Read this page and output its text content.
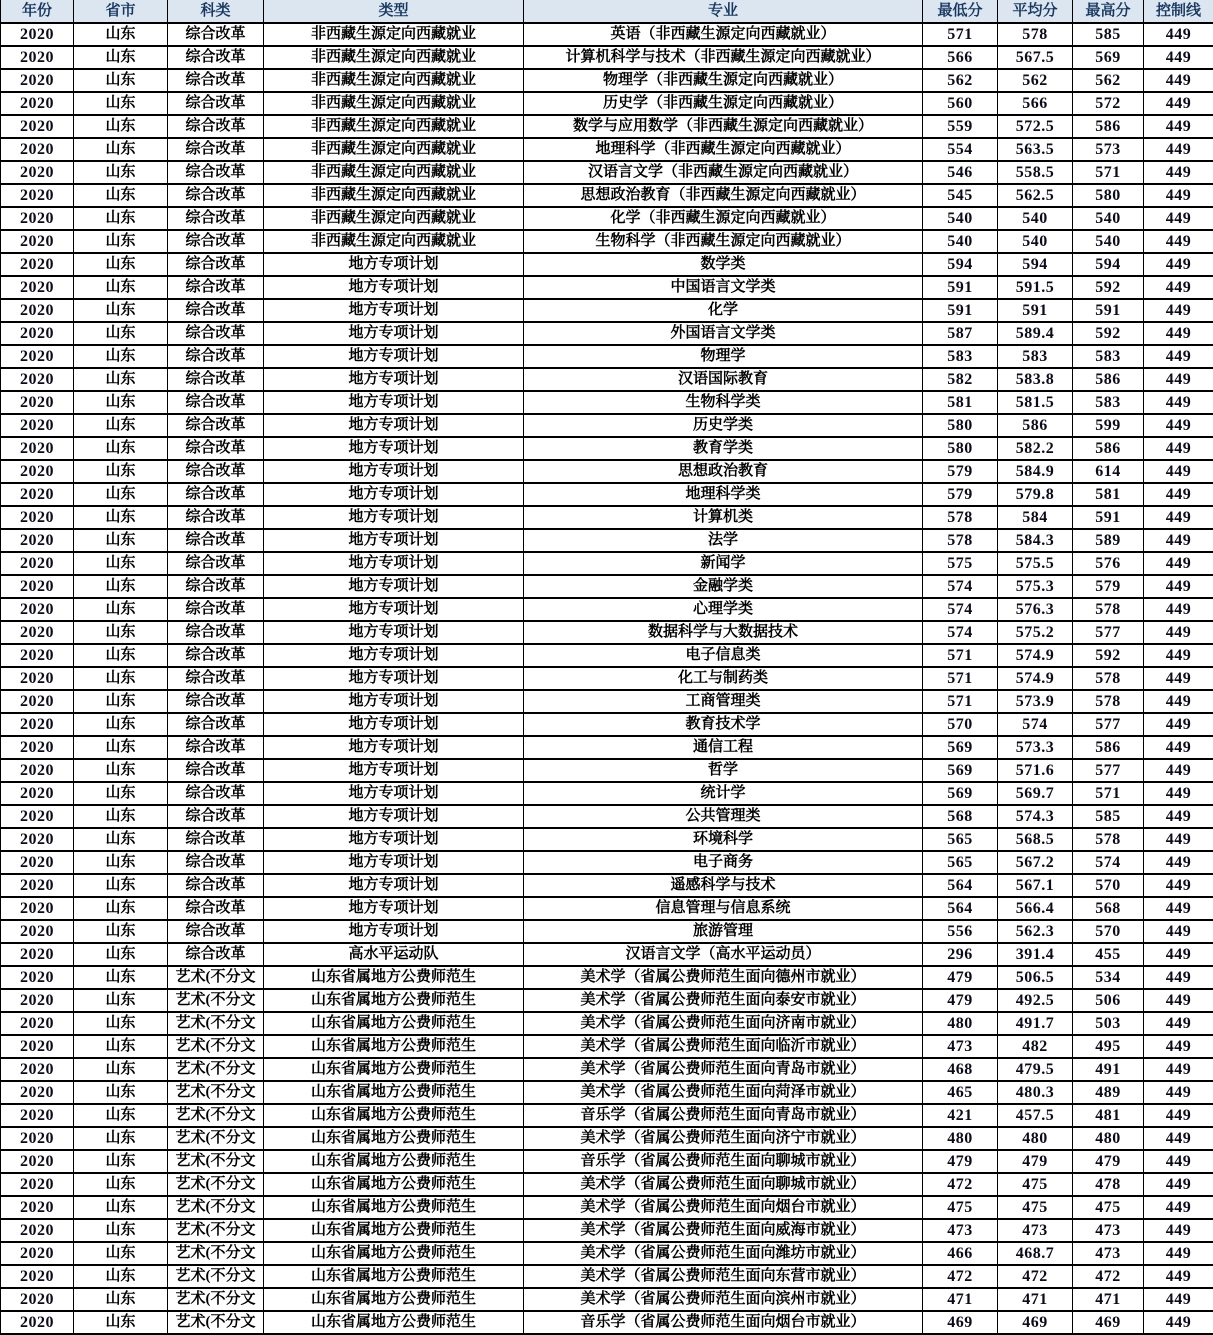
年份	省市	科类	类型	专业	最低分	平均分	最高分	控制线
2020	山东	综合改革	非西藏生源定向西藏就业	英语（非西藏生源定向西藏就业）	571	578	585	449
2020	山东	综合改革	非西藏生源定向西藏就业	计算机科学与技术（非西藏生源定向西藏就业）	566	567.5	569	449
2020	山东	综合改革	非西藏生源定向西藏就业	物理学（非西藏生源定向西藏就业）	562	562	562	449
2020	山东	综合改革	非西藏生源定向西藏就业	历史学（非西藏生源定向西藏就业）	560	566	572	449
2020	山东	综合改革	非西藏生源定向西藏就业	数学与应用数学（非西藏生源定向西藏就业）	559	572.5	586	449
2020	山东	综合改革	非西藏生源定向西藏就业	地理科学（非西藏生源定向西藏就业）	554	563.5	573	449
2020	山东	综合改革	非西藏生源定向西藏就业	汉语言文学（非西藏生源定向西藏就业）	546	558.5	571	449
2020	山东	综合改革	非西藏生源定向西藏就业	思想政治教育（非西藏生源定向西藏就业）	545	562.5	580	449
2020	山东	综合改革	非西藏生源定向西藏就业	化学（非西藏生源定向西藏就业）	540	540	540	449
2020	山东	综合改革	非西藏生源定向西藏就业	生物科学（非西藏生源定向西藏就业）	540	540	540	449
2020	山东	综合改革	地方专项计划	数学类	594	594	594	449
2020	山东	综合改革	地方专项计划	中国语言文学类	591	591.5	592	449
2020	山东	综合改革	地方专项计划	化学	591	591	591	449
2020	山东	综合改革	地方专项计划	外国语言文学类	587	589.4	592	449
2020	山东	综合改革	地方专项计划	物理学	583	583	583	449
2020	山东	综合改革	地方专项计划	汉语国际教育	582	583.8	586	449
2020	山东	综合改革	地方专项计划	生物科学类	581	581.5	583	449
2020	山东	综合改革	地方专项计划	历史学类	580	586	599	449
2020	山东	综合改革	地方专项计划	教育学类	580	582.2	586	449
2020	山东	综合改革	地方专项计划	思想政治教育	579	584.9	614	449
2020	山东	综合改革	地方专项计划	地理科学类	579	579.8	581	449
2020	山东	综合改革	地方专项计划	计算机类	578	584	591	449
2020	山东	综合改革	地方专项计划	法学	578	584.3	589	449
2020	山东	综合改革	地方专项计划	新闻学	575	575.5	576	449
2020	山东	综合改革	地方专项计划	金融学类	574	575.3	579	449
2020	山东	综合改革	地方专项计划	心理学类	574	576.3	578	449
2020	山东	综合改革	地方专项计划	数据科学与大数据技术	574	575.2	577	449
2020	山东	综合改革	地方专项计划	电子信息类	571	574.9	592	449
2020	山东	综合改革	地方专项计划	化工与制药类	571	574.9	578	449
2020	山东	综合改革	地方专项计划	工商管理类	571	573.9	578	449
2020	山东	综合改革	地方专项计划	教育技术学	570	574	577	449
2020	山东	综合改革	地方专项计划	通信工程	569	573.3	586	449
2020	山东	综合改革	地方专项计划	哲学	569	571.6	577	449
2020	山东	综合改革	地方专项计划	统计学	569	569.7	571	449
2020	山东	综合改革	地方专项计划	公共管理类	568	574.3	585	449
2020	山东	综合改革	地方专项计划	环境科学	565	568.5	578	449
2020	山东	综合改革	地方专项计划	电子商务	565	567.2	574	449
2020	山东	综合改革	地方专项计划	遥感科学与技术	564	567.1	570	449
2020	山东	综合改革	地方专项计划	信息管理与信息系统	564	566.4	568	449
2020	山东	综合改革	地方专项计划	旅游管理	556	562.3	570	449
2020	山东	综合改革	高水平运动队	汉语言文学（高水平运动员）	296	391.4	455	449
2020	山东	艺术(不分文	山东省属地方公费师范生	美术学（省属公费师范生面向德州市就业）	479	506.5	534	449
2020	山东	艺术(不分文	山东省属地方公费师范生	美术学（省属公费师范生面向泰安市就业）	479	492.5	506	449
2020	山东	艺术(不分文	山东省属地方公费师范生	美术学（省属公费师范生面向济南市就业）	480	491.7	503	449
2020	山东	艺术(不分文	山东省属地方公费师范生	美术学（省属公费师范生面向临沂市就业）	473	482	495	449
2020	山东	艺术(不分文	山东省属地方公费师范生	美术学（省属公费师范生面向青岛市就业）	468	479.5	491	449
2020	山东	艺术(不分文	山东省属地方公费师范生	美术学（省属公费师范生面向菏泽市就业）	465	480.3	489	449
2020	山东	艺术(不分文	山东省属地方公费师范生	音乐学（省属公费师范生面向青岛市就业）	421	457.5	481	449
2020	山东	艺术(不分文	山东省属地方公费师范生	美术学（省属公费师范生面向济宁市就业）	480	480	480	449
2020	山东	艺术(不分文	山东省属地方公费师范生	音乐学（省属公费师范生面向聊城市就业）	479	479	479	449
2020	山东	艺术(不分文	山东省属地方公费师范生	美术学（省属公费师范生面向聊城市就业）	472	475	478	449
2020	山东	艺术(不分文	山东省属地方公费师范生	美术学（省属公费师范生面向烟台市就业）	475	475	475	449
2020	山东	艺术(不分文	山东省属地方公费师范生	美术学（省属公费师范生面向威海市就业）	473	473	473	449
2020	山东	艺术(不分文	山东省属地方公费师范生	美术学（省属公费师范生面向潍坊市就业）	466	468.7	473	449
2020	山东	艺术(不分文	山东省属地方公费师范生	美术学（省属公费师范生面向东营市就业）	472	472	472	449
2020	山东	艺术(不分文	山东省属地方公费师范生	美术学（省属公费师范生面向滨州市就业）	471	471	471	449
2020	山东	艺术(不分文	山东省属地方公费师范生	音乐学（省属公费师范生面向烟台市就业）	469	469	469	449
